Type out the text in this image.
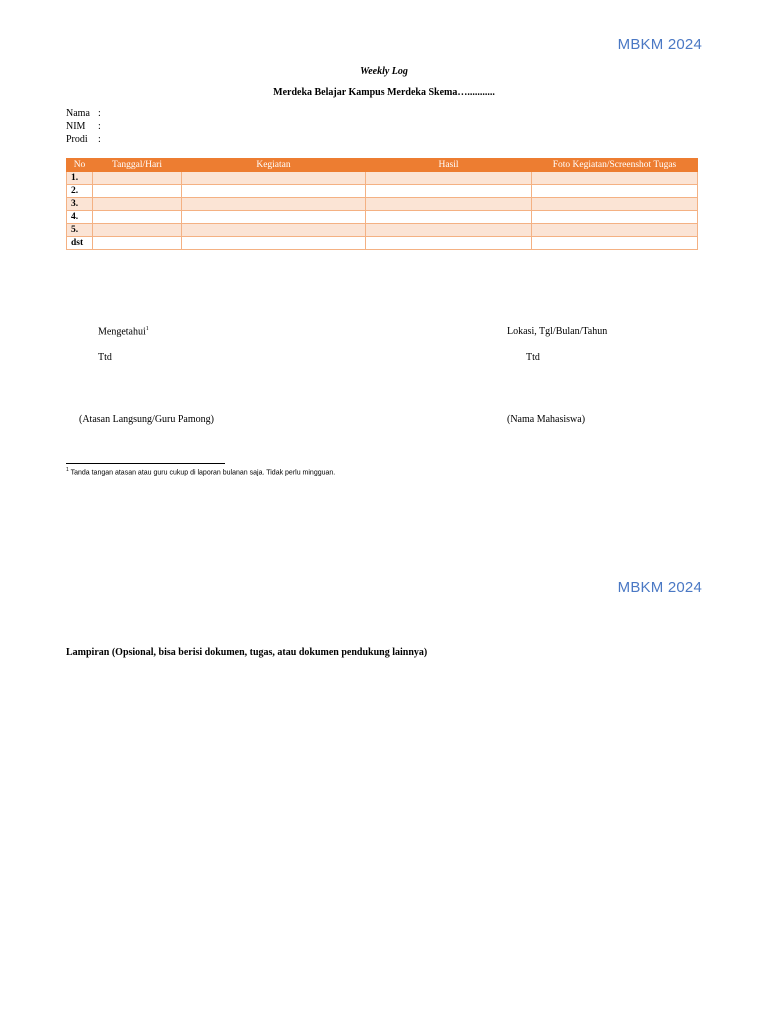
MBKM 2024
Weekly Log
Merdeka Belajar Kampus Merdeka Skema…...........
Nama :
NIM :
Prodi :
No	Tanggal/Hari	Kegiatan	Hasil	Foto Kegiatan/Screenshot Tugas
1.				
2.				
3.				
4.				
5.				
dst				
Mengetahui$^1$	Lokasi, Tgl/Bulan/Tahun
Ttd	Ttd
(Atasan Langsung/Guru Pamong)	(Nama Mahasiswa)
$^1$ Tanda tangan atasan atau guru cukup di laporan bulanan saja. Tidak perlu mingguan.
MBKM 2024
Lampiran (Opsional, bisa berisi dokumen, tugas, atau dokumen pendukung lainnya)
